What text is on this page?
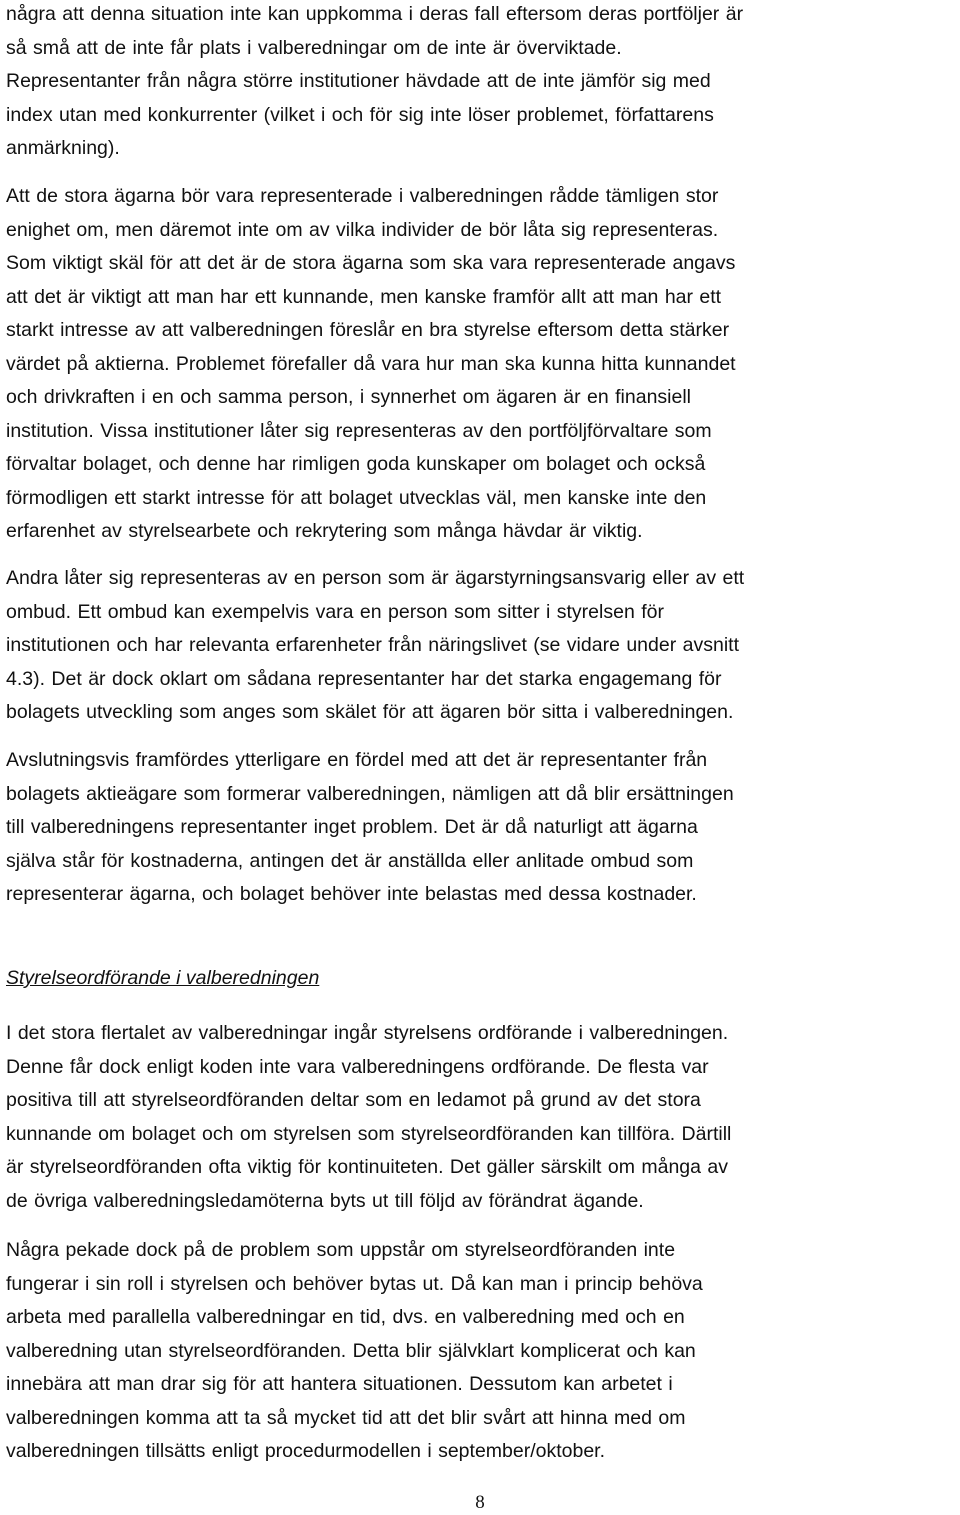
några att denna situation inte kan uppkomma i deras fall eftersom deras portföljer är
så små att de inte får plats i valberedningar om de inte är överviktade.
Representanter från några större institutioner hävdade att de inte jämför sig med
index utan med konkurrenter (vilket i och för sig inte löser problemet, författarens
anmärkning).

Att de stora ägarna bör vara representerade i valberedningen rådde tämligen stor
enighet om, men däremot inte om av vilka individer de bör låta sig representeras.
Som viktigt skäl för att det är de stora ägarna som ska vara representerade angavs
att det är viktigt att man har ett kunnande, men kanske framför allt att man har ett
starkt intresse av att valberedningen föreslår en bra styrelse eftersom detta stärker
värdet på aktierna. Problemet förefaller då vara hur man ska kunna hitta kunnandet
och drivkraften i en och samma person, i synnerhet om ägaren är en finansiell
institution. Vissa institutioner låter sig representeras av den portföljförvaltare som
förvaltar bolaget, och denne har rimligen goda kunskaper om bolaget och också
förmodligen ett starkt intresse för att bolaget utvecklas väl, men kanske inte den
erfarenhet av styrelsearbete och rekrytering som många hävdar är viktig.

Andra låter sig representeras av en person som är ägarstyrningsansvarig eller av ett
ombud. Ett ombud kan exempelvis vara en person som sitter i styrelsen för
institutionen och har relevanta erfarenheter från näringslivet (se vidare under avsnitt
4.3). Det är dock oklart om sådana representanter har det starka engagemang för
bolagets utveckling som anges som skälet för att ägaren bör sitta i valberedningen.

Avslutningsvis framfördes ytterligare en fördel med att det är representanter från
bolagets aktieägare som formerar valberedningen, nämligen att då blir ersättningen
till valberedningens representanter inget problem. Det är då naturligt att ägarna
själva står för kostnaderna, antingen det är anställda eller anlitade ombud som
representerar ägarna, och bolaget behöver inte belastas med dessa kostnader.

Styrelseordförande i valberedningen

I det stora flertalet av valberedningar ingår styrelsens ordförande i valberedningen.
Denne får dock enligt koden inte vara valberedningens ordförande. De flesta var
positiva till att styrelseordföranden deltar som en ledamot på grund av det stora
kunnande om bolaget och om styrelsen som styrelseordföranden kan tillföra. Därtill
är styrelseordföranden ofta viktig för kontinuiteten. Det gäller särskilt om många av
de övriga valberedningsledamöterna byts ut till följd av förändrat ägande.

Några pekade dock på de problem som uppstår om styrelseordföranden inte
fungerar i sin roll i styrelsen och behöver bytas ut. Då kan man i princip behöva
arbeta med parallella valberedningar en tid, dvs. en valberedning med och en
valberedning utan styrelseordföranden. Detta blir självklart komplicerat och kan
innebära att man drar sig för att hantera situationen. Dessutom kan arbetet i
valberedningen komma att ta så mycket tid att det blir svårt att hinna med om
valberedningen tillsätts enligt procedurmodellen i september/oktober.

8
